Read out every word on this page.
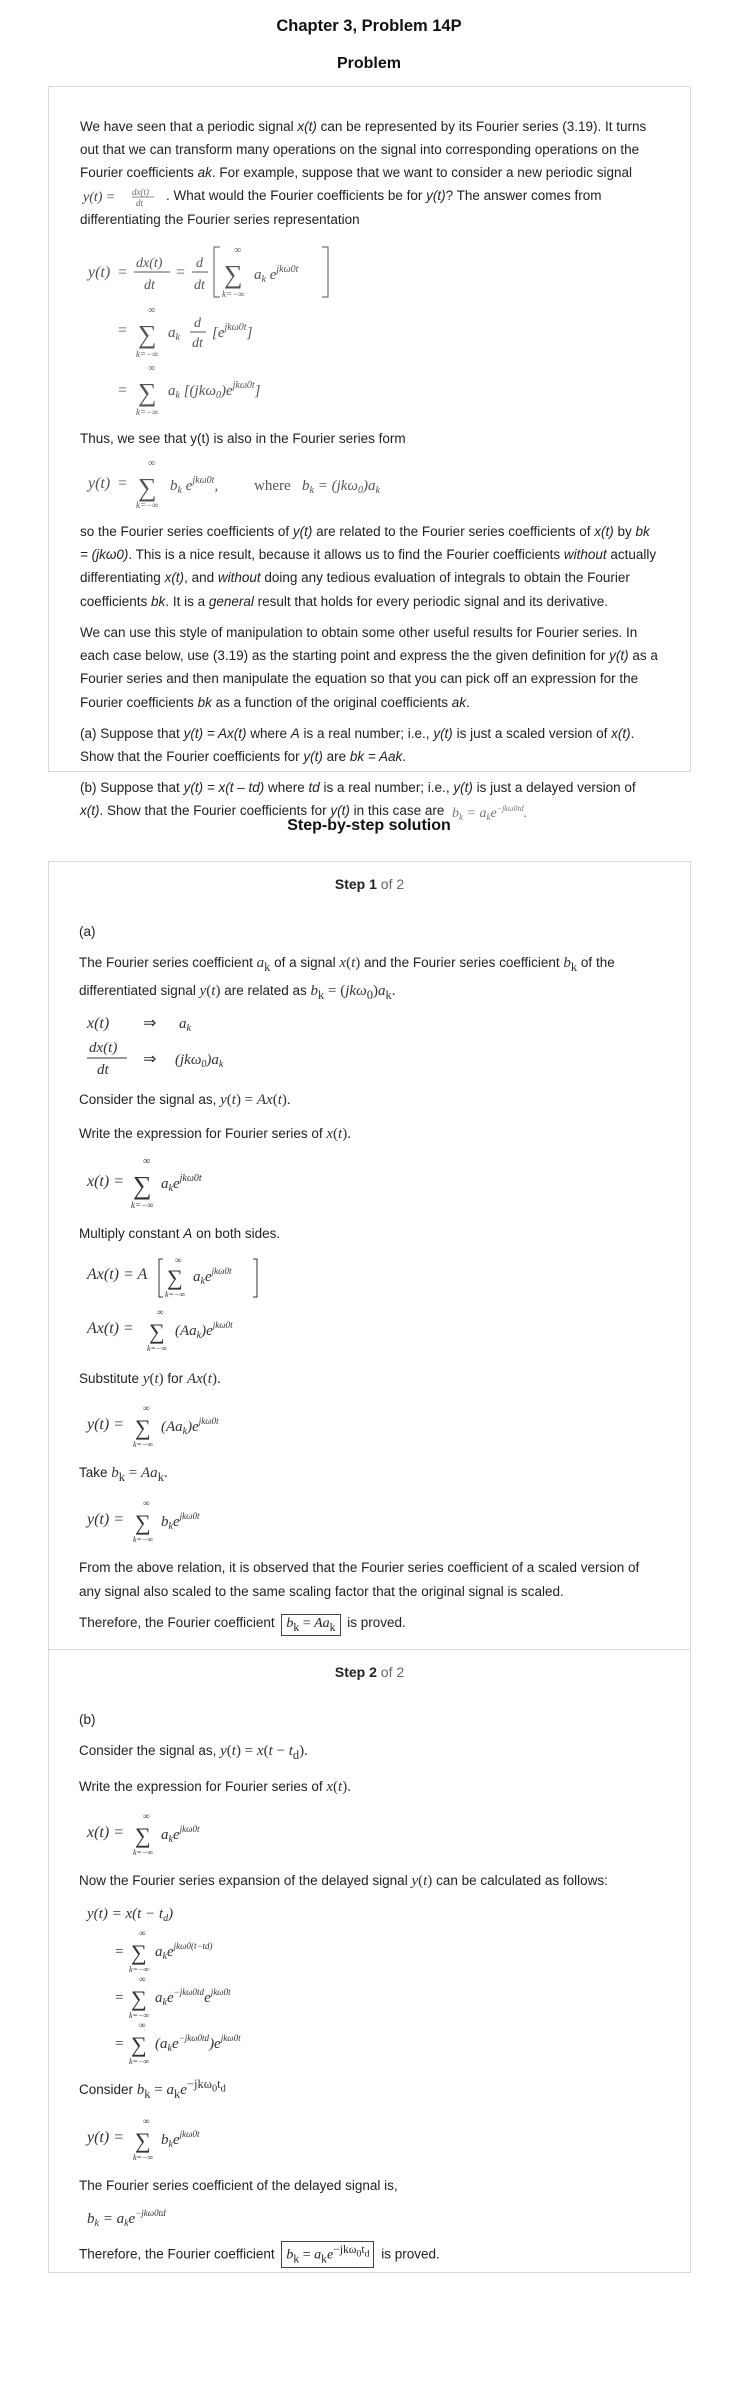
Chapter 3, Problem 14P
Problem

We have seen that a periodic signal x(t) can be represented by its Fourier series (3.19). It turns out that we can transform many operations on the signal into corresponding operations on the Fourier coefficients ak. For example, suppose that we want to consider a new periodic signal
y(t) = dx(t)
dt . What would the Fourier coefficients be for y(t)? The answer comes from differentiating the Fourier series representation

y(t) =
dx(t)
dt
=
d
dt
∞
∑
k=−∞
$a_k$ $e^{jk\omega 0t}$
=
∞
∑
k=−∞
$a_k$
d
dt
$[e^{jk\omega 0t}]$
=
∞
∑
k=−∞
$a_k$ $[(jk\omega_0)e^{jk\omega 0t}]$

Thus, we see that y(t) is also in the Fourier series form

y(t) =
∞
∑
k=−∞
$b_k$ $e^{jk\omega 0t}$, where $b_k = (jk\omega_0)a_k$

so the Fourier series coefficients of y(t) are related to the Fourier series coefficients of x(t) by bk = (jkω0). This is a nice result, because it allows us to find the Fourier coefficients without actually differentiating x(t), and without doing any tedious evaluation of integrals to obtain the Fourier coefficients bk. It is a general result that holds for every periodic signal and its derivative.

We can use this style of manipulation to obtain some other useful results for Fourier series. In each case below, use (3.19) as the starting point and express the the given definition for y(t) as a Fourier series and then manipulate the equation so that you can pick off an expression for the Fourier coefficients bk as a function of the original coefficients ak.

(a) Suppose that y(t) = Ax(t) where A is a real number; i.e., y(t) is just a scaled version of x(t). Show that the Fourier coefficients for y(t) are bk = Aak.

(b) Suppose that y(t) = x(t – td) where td is a real number; i.e., y(t) is just a delayed version of x(t). Show that the Fourier coefficients for y(t) in this case are $b_k = a_ke^{-jk\omega 0td}$.

Step-by-step solution
Step 1 of 2

(a)

The Fourier series coefficient $a_k$ of a signal x(t) and the Fourier series coefficient $b_k$ of the differentiated signal y(t) are related as $b_k = (jk\omega_0)a_k$.

x(t) ⇒ $a_k$
dx(t)
dt
⇒ $(jk\omega_0)a_k$

Consider the signal as, y(t) = Ax(t).

Write the expression for Fourier series of x(t).

x(t) =
∞
∑
k=−∞
$a_ke^{jk\omega 0t}$

Multiply constant A on both sides.

Ax(t) = A
∞
∑
k=−∞
$a_ke^{jk\omega 0t}$
Ax(t) =
∞
∑
k=−∞
$(Aa_k)e^{jk\omega 0t}$

Substitute y(t) for Ax(t).

y(t) =
∞
∑
k=−∞
$(Aa_k)e^{jk\omega 0t}$

Take $b_k = Aa_k$.

y(t) =
∞
∑
k=−∞
$b_ke^{jk\omega 0t}$

From the above relation, it is observed that the Fourier series coefficient of a scaled version of any signal also scaled to the same scaling factor that the original signal is scaled.

Therefore, the Fourier coefficient $b_k = Aa_k$ is proved.

Step 2 of 2

(b)

Consider the signal as, $y(t) = x(t - t_d)$.

Write the expression for Fourier series of x(t).

x(t) =
∞
∑
k=−∞
$a_ke^{jk\omega 0t}$

Now the Fourier series expansion of the delayed signal y(t) can be calculated as follows:

$y(t) = x(t - t_d)$
=
∞
∑
k=−∞
$a_ke^{jk\omega 0(t-td)}$
=
∞
∑
k=−∞
$a_ke^{-jk\omega 0td}e^{jk\omega 0t}$
=
∞
∑
k=−∞
$(a_ke^{-jk\omega 0td})e^{jk\omega 0t}$

Consider $b_k = a_ke^{-jk\omega_0t_d}$

y(t) =
∞
∑
k=−∞
$b_ke^{jk\omega 0t}$

The Fourier series coefficient of the delayed signal is,

$b_k = a_ke^{-jk\omega 0td}$

Therefore, the Fourier coefficient $b_k = a_ke^{-jk\omega_0t_d}$ is proved.
